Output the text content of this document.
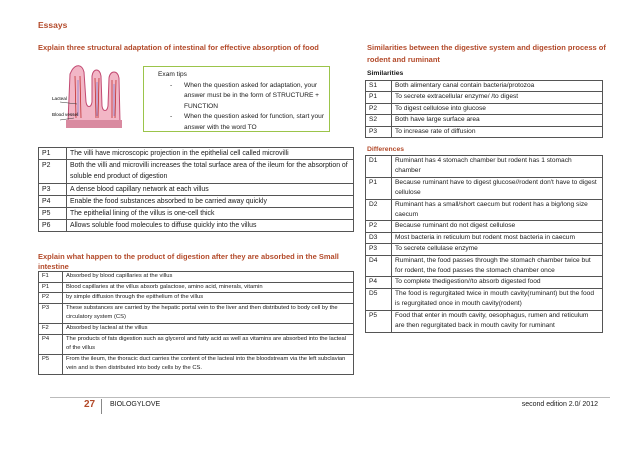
Essays
Explain three structural adaptation of intestinal for effective absorption of food
Lacteal
Blood vessel
Exam tips
- When the question asked for adaptation, your answer must be in the form of STRUCTURE + FUNCTION
- When the question asked for function, start your answer with the word TO
P1	The villi have microscopic projection in the epithelial cell called microvilli
P2	Both the villi and microvilli increases the total surface area of the ileum for the absorption of soluble end product of digestion
P3	A dense blood capillary network at each villus
P4	Enable the food substances absorbed to be carried away quickly
P5	The epithelial lining of the villus is one-cell thick
P6	Allows soluble food molecules to diffuse quickly into the villus
Explain what happen to the product of digestion after they are absorbed in the Small intestine
F1	Absorbed by blood capillaries at the villus
P1	Blood capillaries at the villus absorb galactose, amino acid, minerals, vitamin
P2	by simple diffusion through the epithelium of the villus
P3	These substances are carried by the hepatic portal vein to the liver and then distributed to body cell by the circulatory system (CS)
F2	Absorbed by lacteal at the villus
P4	The products of fats digestion such as glycerol and fatty acid as well as vitamins are absorbed into the lacteal of the villus
P5	From the ileum, the thoracic duct carries the content of the lacteal into the bloodstream via the left subclavian vein and is then distributed into body cells by the CS.
Similarities between the digestive system and digestion process of rodent and ruminant
Similarities
S1	Both alimentary canal contain bacteria/protozoa
P1	To secrete extracellular enzyme/ /to digest
P2	To digest cellulose into glucose
S2	Both have large surface area
P3	To increase rate of diffusion
Differences
D1	Ruminant has 4 stomach chamber but rodent has 1 stomach chamber
P1	Because ruminant have to digest glucose//rodent don't have to digest cellulose
D2	Ruminant has a small/short caecum but rodent has a big/long size caecum
P2	Because ruminant do not digest cellulose
D3	Most bacteria in reticulum but rodent most bacteria in caecum
P3	To secrete cellulase enzyme
D4	Ruminant, the food passes through the stomach chamber twice but for rodent, the food passes the stomach chamber once
P4	To complete thedigestion//to absorb digested food
D5	The food is regurgitated twice in mouth cavity(ruminant) but the food is regurgitated once in mouth cavity(rodent)
P5	Food that enter in mouth cavity, oesophagus, rumen and reticulum are then regurgitated back in mouth cavity for ruminant
27	BIOLOGYLOVE	second edition 2.0/ 2012
